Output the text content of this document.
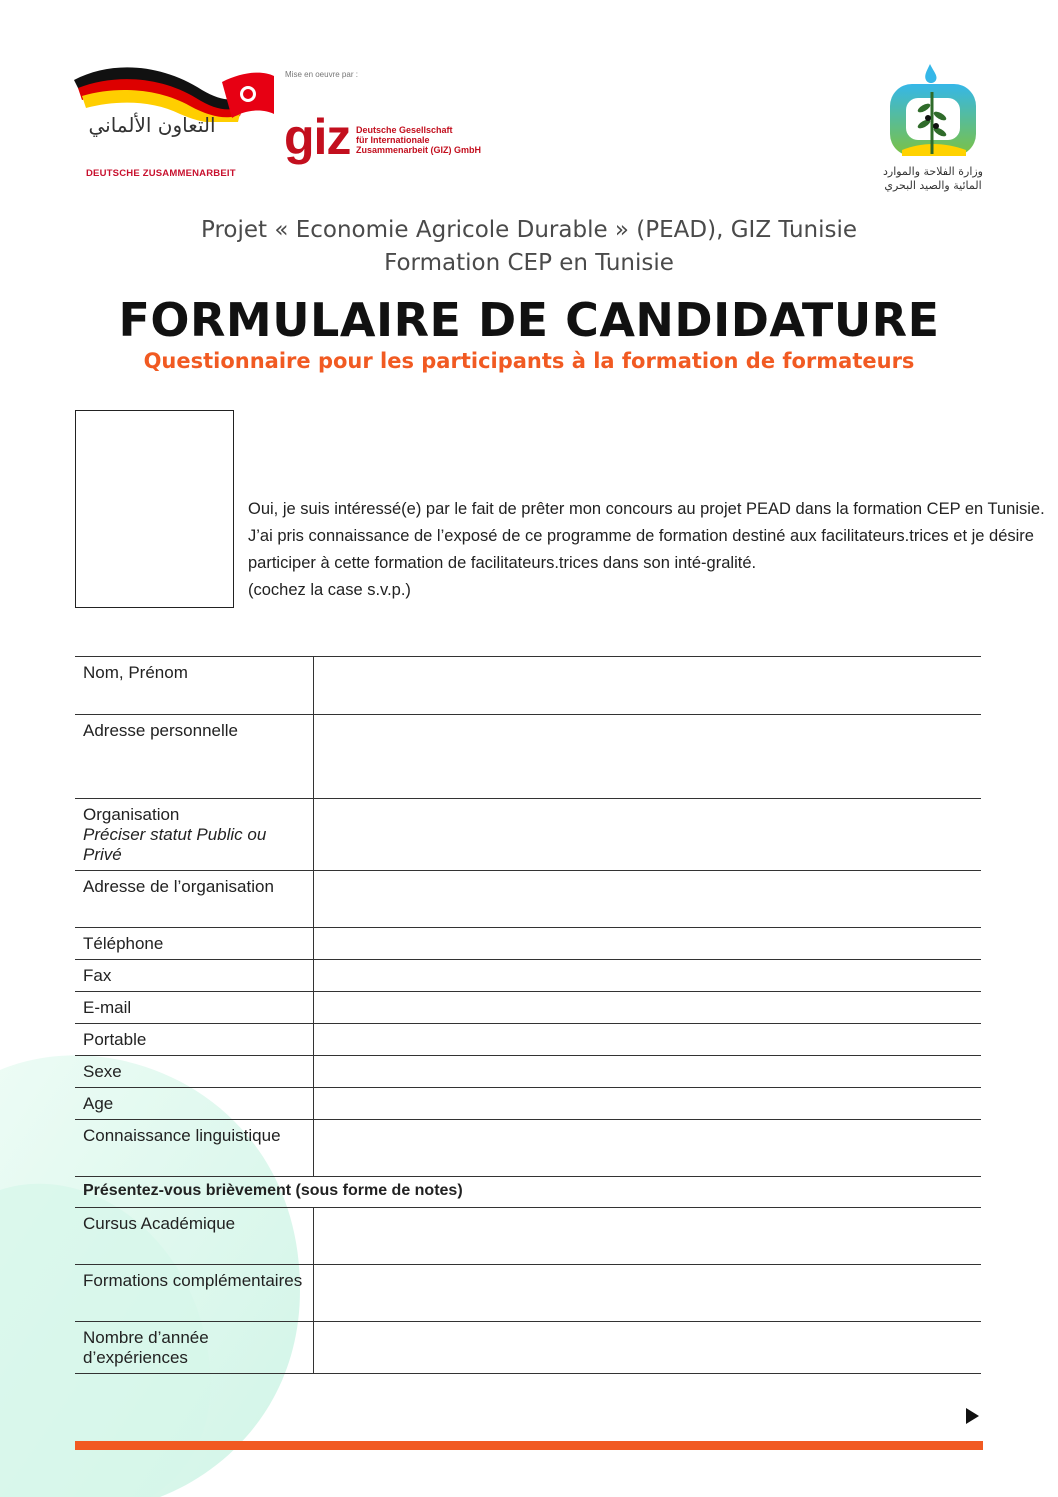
التعاون الألماني
DEUTSCHE ZUSAMMENARBEIT
Mise en oeuvre par :
giz Deutsche Gesellschaft
für Internationale
Zusammenarbeit (GIZ) GmbH
وزارة الفلاحة والموارد
المائية والصيد البحري
Projet « Economie Agricole Durable » (PEAD), GIZ Tunisie
Formation CEP en Tunisie
FORMULAIRE DE CANDIDATURE
Questionnaire pour les participants à la formation de formateurs

Oui, je suis intéressé(e) par le fait de prêter mon concours au projet PEAD dans la formation CEP en Tunisie.

J’ai pris connaissance de l’exposé de ce programme de formation destiné aux facilitateurs.trices et je désire

participer à cette formation de facilitateurs.trices dans son inté-gralité.

(cochez la case s.v.p.)

Nom, Prénom	
Adresse personnelle	

Organisation
Préciser statut Public ou Privé	

Adresse de l’organisation	
Téléphone	
Fax	
E-mail	
Portable	
Sexe	
Age	
Connaissance linguistique	
Présentez-vous brièvement (sous forme de notes)	
Cursus Académique	
Formations complémentaires	
Nombre d’année d’expériences	
